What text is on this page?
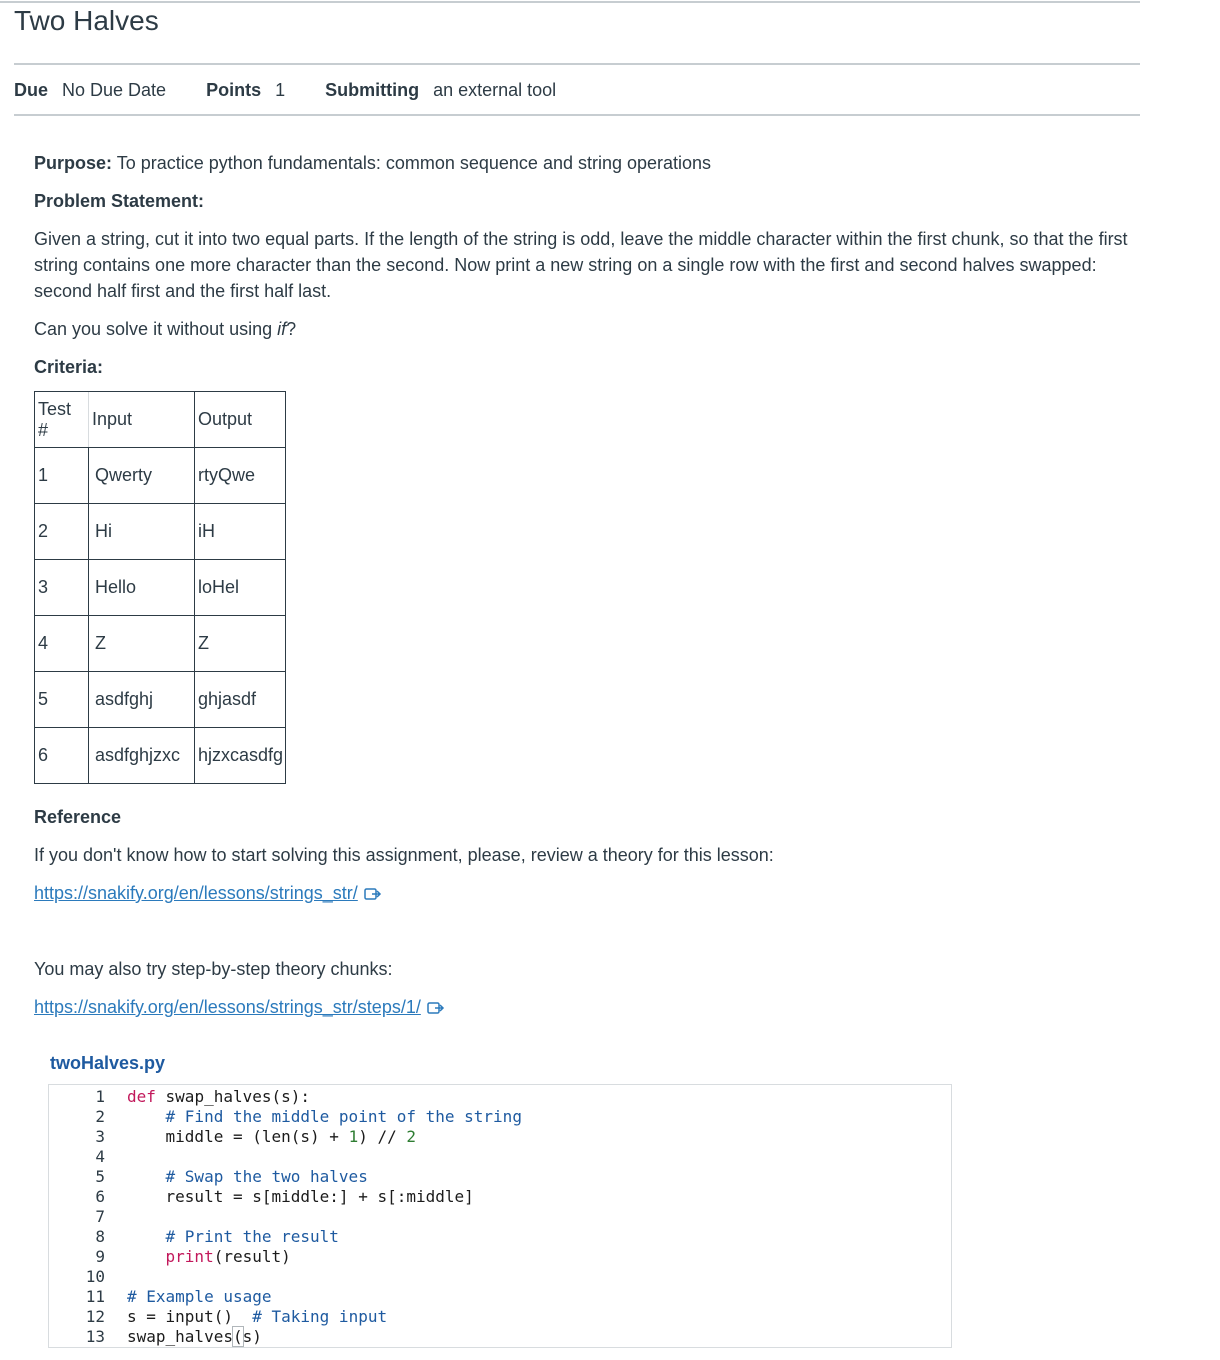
Two Halves
Due No Due Date Points 1 Submitting an external tool

Purpose: To practice python fundamentals: common sequence and string operations

Problem Statement:

Given a string, cut it into two equal parts. If the length of the string is odd, leave the middle character within the first chunk, so that the first string contains one more character than the second. Now print a new string on a single row with the first and second halves swapped: second half first and the first half last.

Can you solve it without using if?

Criteria:

Test #	Input	Output
1	Qwerty	rtyQwe
2	Hi	iH
3	Hello	loHel
4	Z	Z
5	asdfghj	ghjasdf
6	asdfghjzxc	hjzxcasdfg

Reference

If you don't know how to start solving this assignment, please, review a theory for this lesson:

https://snakify.org/en/lessons/strings_str/

You may also try step-by-step theory chunks:

https://snakify.org/en/lessons/strings_str/steps/1/

twoHalves.py
1
2
3
4
5
6
7
8
9
10
11
12
13
def swap_halves(s):
# Find the middle point of the string
middle = (len(s) + 1) // 2
# Swap the two halves
result = s[middle:] + s[:middle]
# Print the result
print(result)
# Example usage
s = input()  # Taking input
swap_halves(s)
